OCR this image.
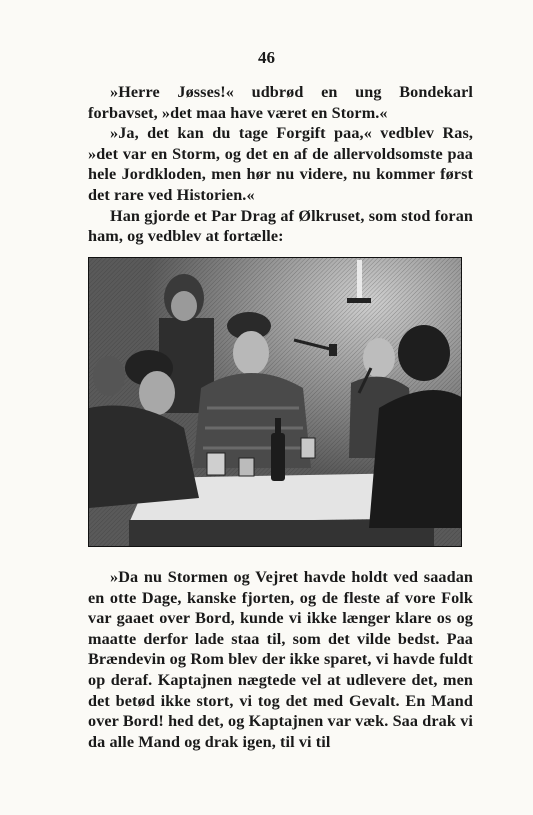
46

»Herre Jøsses!« udbrød en ung Bondekarl forbavset, »det maa have været en Storm.«

»Ja, det kan du tage Forgift paa,« vedblev Ras, »det var en Storm, og det en af de allervoldsomste paa hele Jordkloden, men hør nu videre, nu kommer først det rare ved Historien.«

Han gjorde et Par Drag af Ølkruset, som stod foran ham, og vedblev at fortælle:

»Da nu Stormen og Vejret havde holdt ved saadan en otte Dage, kanske fjorten, og de fleste af vore Folk var gaaet over Bord, kunde vi ikke længer klare os og maatte derfor lade staa til, som det vilde bedst. Paa Brændevin og Rom blev der ikke sparet, vi havde fuldt op deraf. Kaptajnen nægtede vel at udlevere det, men det betød ikke stort, vi tog det med Gevalt. En Mand over Bord! hed det, og Kaptajnen var væk. Saa drak vi da alle Mand og drak igen, til vi til
